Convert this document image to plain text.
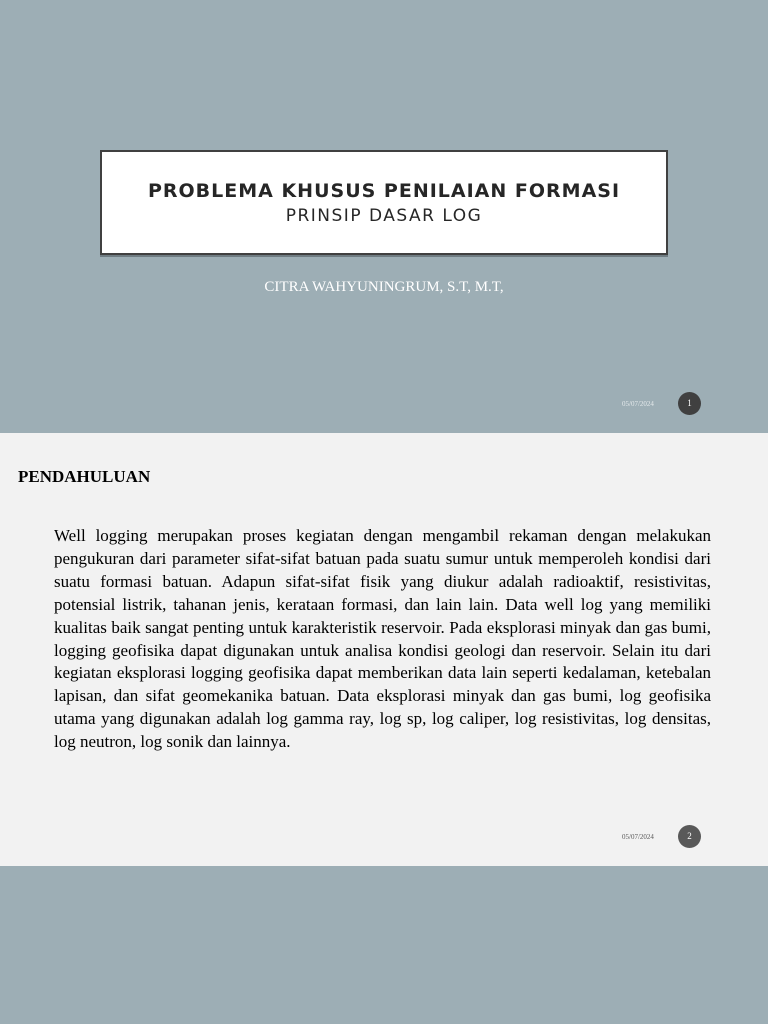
PROBLEMA KHUSUS PENILAIAN FORMASI
PRINSIP DASAR LOG
CITRA WAHYUNINGRUM, S.T, M.T,
05/07/2024	1
PENDAHULUAN

Well logging merupakan proses kegiatan dengan mengambil rekaman dengan melakukan pengukuran dari parameter sifat-sifat batuan pada suatu sumur untuk memperoleh kondisi dari suatu formasi batuan. Adapun sifat-sifat fisik yang diukur adalah radioaktif, resistivitas, potensial listrik, tahanan jenis, kerataan formasi, dan lain lain. Data well log yang memiliki kualitas baik sangat penting untuk karakteristik reservoir. Pada eksplorasi minyak dan gas bumi, logging geofisika dapat digunakan untuk analisa kondisi geologi dan reservoir. Selain itu dari kegiatan eksplorasi logging geofisika dapat memberikan data lain seperti kedalaman, ketebalan lapisan, dan sifat geomekanika batuan. Data eksplorasi minyak dan gas bumi, log geofisika utama yang digunakan adalah log gamma ray, log sp, log caliper, log resistivitas, log densitas, log neutron, log sonik dan lainnya.

05/07/2024	2
